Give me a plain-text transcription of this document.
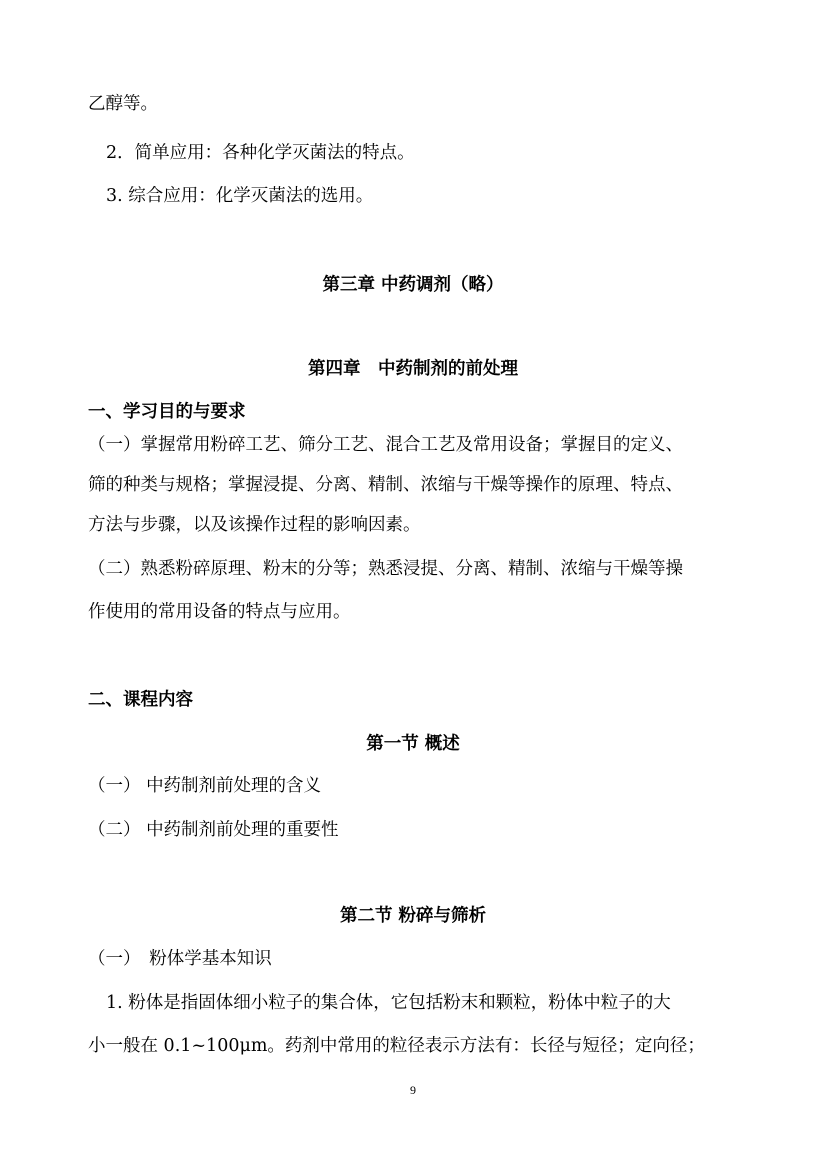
乙醇等。
2．简单应用：各种化学灭菌法的特点。
3. 综合应用：化学灭菌法的选用。
第三章 中药调剂（略）
第四章　中药制剂的前处理
一、学习目的与要求
（一）掌握常用粉碎工艺、筛分工艺、混合工艺及常用设备；掌握目的定义、
筛的种类与规格；掌握浸提、分离、精制、浓缩与干燥等操作的原理、特点、
方法与步骤，以及该操作过程的影响因素。
（二）熟悉粉碎原理、粉末的分等；熟悉浸提、分离、精制、浓缩与干燥等操
作使用的常用设备的特点与应用。
二、课程内容
第一节 概述
（一） 中药制剂前处理的含义
（二） 中药制剂前处理的重要性
第二节 粉碎与筛析
（一）　粉体学基本知识
1. 粉体是指固体细小粒子的集合体，它包括粉末和颗粒，粉体中粒子的大
小一般在 0.1~100μm。药剂中常用的粒径表示方法有：长径与短径；定向径；
9
